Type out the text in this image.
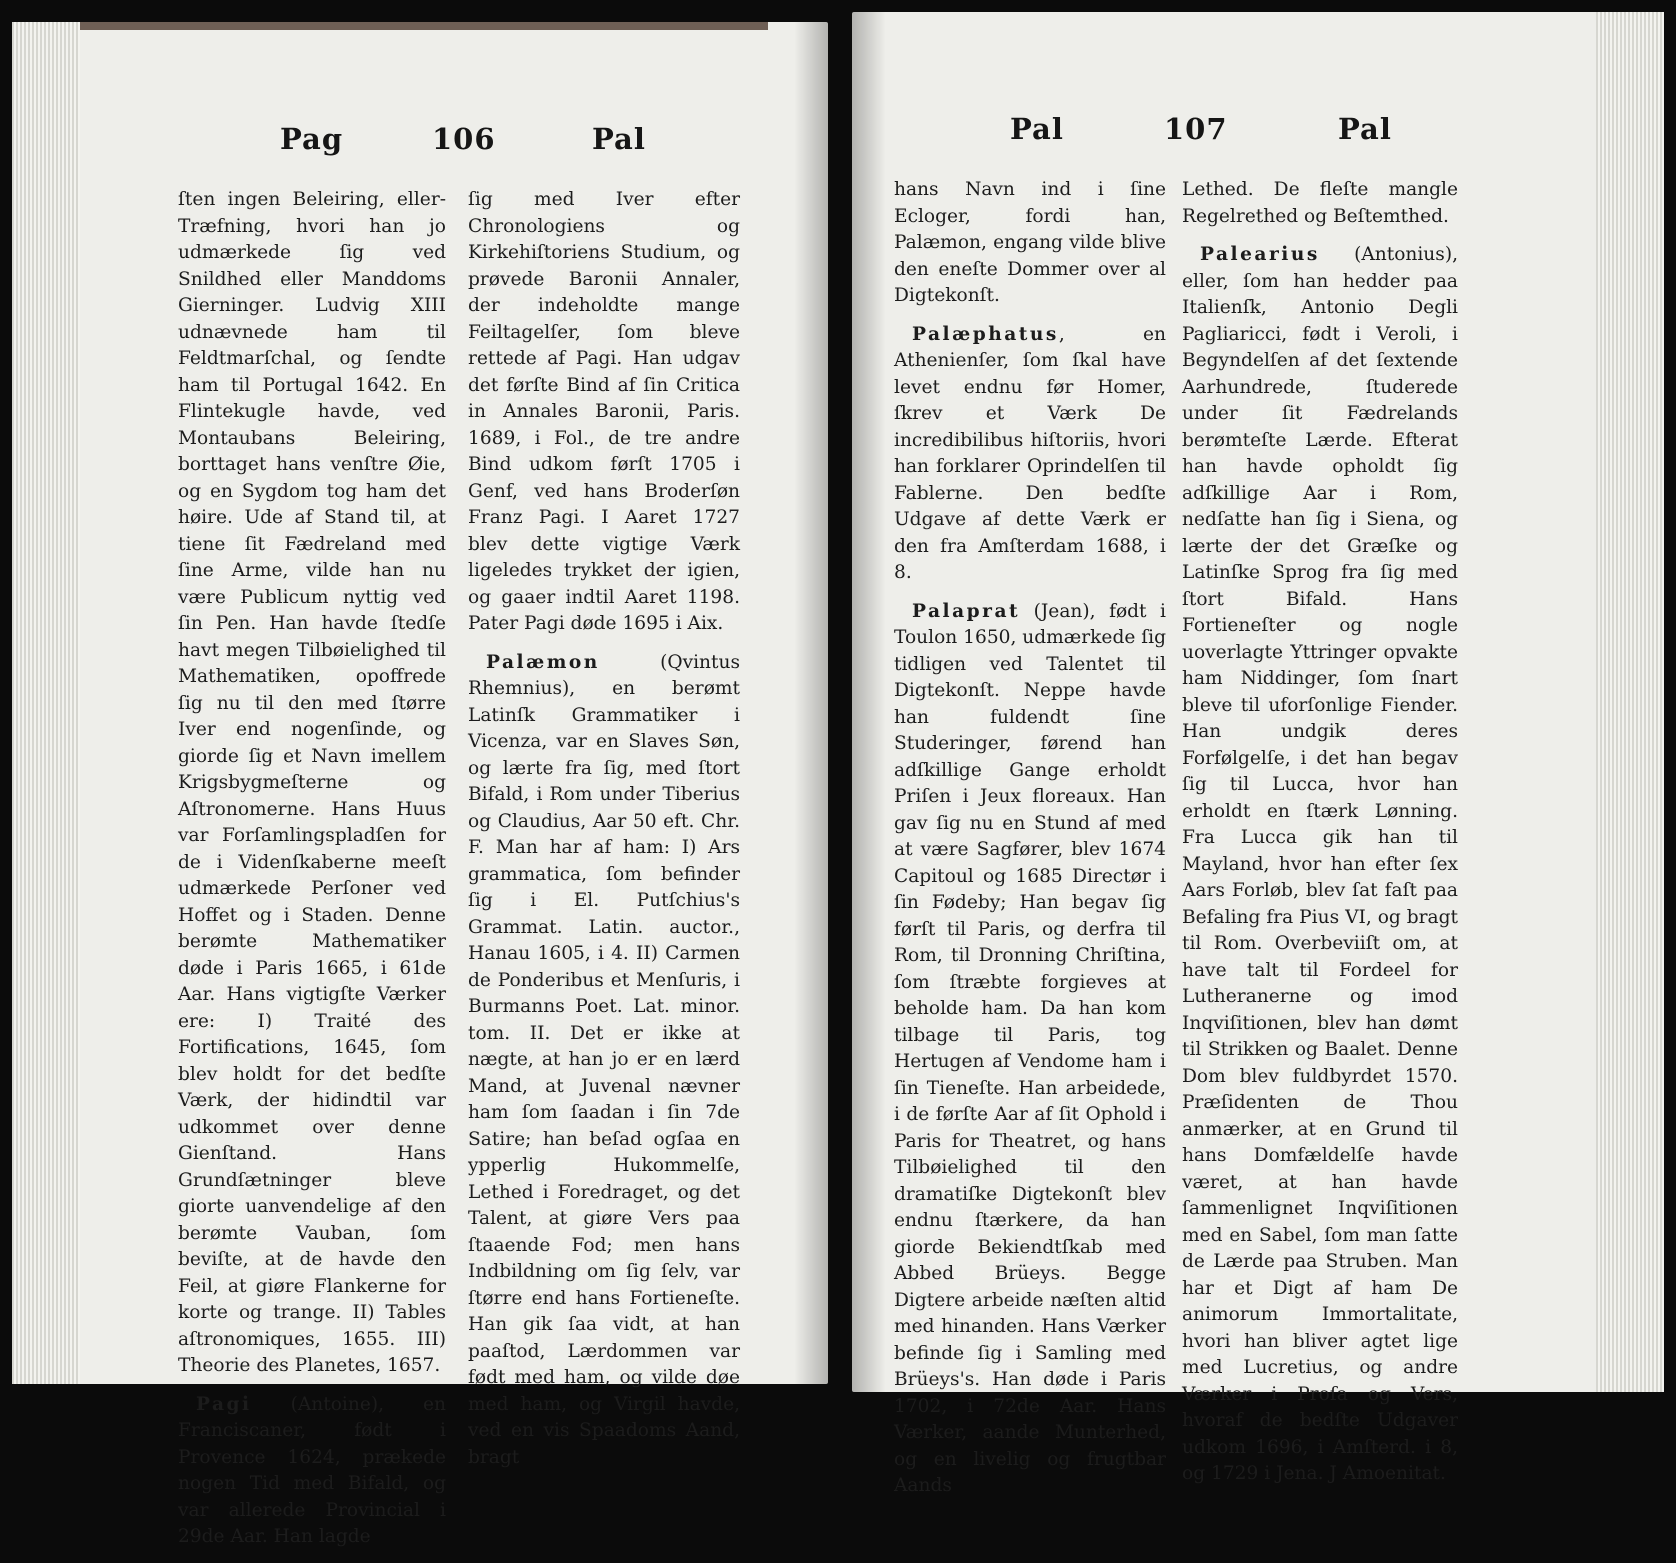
Pag	106	Pal

ſten ingen Beleiring, eller-Træfning, hvori han jo udmærkede ſig ved Snildhed eller Manddoms Gierninger. Ludvig XIII udnævnede ham til Feldtmarſchal, og ſendte ham til Portugal 1642. En Flintekugle havde, ved Montaubans Beleiring, borttaget hans venſtre Øie, og en Sygdom tog ham det høire. Ude af Stand til, at tiene ſit Fædreland med ſine Arme, vilde han nu være Publicum nyttig ved ſin Pen. Han havde ſtedſe havt megen Tilbøielighed til Mathematiken, opoffrede ſig nu til den med ſtørre Iver end nogenſinde, og giorde ſig et Navn imellem Krigsbygmeſterne og Aſtronomerne. Hans Huus var Forſamlingspladſen for de i Videnſkaberne meeſt udmærkede Perſoner ved Hoffet og i Staden. Denne berømte Mathematiker døde i Paris 1665, i 61de Aar. Hans vigtigſte Værker ere: I) Traité des Fortifications, 1645, ſom blev holdt for det bedſte Værk, der hidindtil var udkommet over denne Gienſtand. Hans Grundſætninger bleve giorte uanvendelige af den berømte Vauban, ſom beviſte, at de havde den Feil, at giøre Flankerne for korte og trange. II) Tables aſtronomiques, 1655. III) Theorie des Planetes, 1657.

Pagi (Antoine), en Franciscaner, født i Provence 1624, prækede nogen Tid med Bifald, og var allerede Provincial i 29de Aar. Han lagde

ſig med Iver efter Chronologiens og Kirkehiſtoriens Studium, og prøvede Baronii Annaler, der indeholdte mange Feiltagelſer, ſom bleve rettede af Pagi. Han udgav det førſte Bind af ſin Critica in Annales Baronii, Paris. 1689, i Fol., de tre andre Bind udkom førſt 1705 i Genf, ved hans Broderſøn Franz Pagi. I Aaret 1727 blev dette vigtige Værk ligeledes trykket der igien, og gaaer indtil Aaret 1198. Pater Pagi døde 1695 i Aix.

Palæmon (Qvintus Rhemnius), en berømt Latinſk Grammatiker i Vicenza, var en Slaves Søn, og lærte fra ſig, med ſtort Bifald, i Rom under Tiberius og Claudius, Aar 50 eft. Chr. F. Man har af ham: I) Ars grammatica, ſom befinder ſig i El. Putſchius's Grammat. Latin. auctor., Hanau 1605, i 4. II) Carmen de Ponderibus et Menſuris, i Burmanns Poet. Lat. minor. tom. II. Det er ikke at nægte, at han jo er en lærd Mand, at Juvenal nævner ham ſom ſaadan i ſin 7de Satire; han beſad ogſaa en ypperlig Hukommelſe, Lethed i Foredraget, og det Talent, at giøre Vers paa ſtaaende Fod; men hans Indbildning om ſig ſelv, var ſtørre end hans Fortieneſte. Han gik ſaa vidt, at han paaſtod, Lærdommen var født med ham, og vilde døe med ham, og Virgil havde, ved en vis Spaadoms Aand, bragt

Pal	107	Pal

hans Navn ind i ſine Ecloger, fordi han, Palæmon, engang vilde blive den eneſte Dommer over al Digtekonſt.

Palæphatus, en Athenienſer, ſom ſkal have levet endnu før Homer, ſkrev et Værk De incredibilibus hiſtoriis, hvori han forklarer Oprindelſen til Fablerne. Den bedſte Udgave af dette Værk er den fra Amſterdam 1688, i 8.

Palaprat (Jean), født i Toulon 1650, udmærkede ſig tidligen ved Talentet til Digtekonſt. Neppe havde han fuldendt ſine Studeringer, førend han adſkillige Gange erholdt Priſen i Jeux floreaux. Han gav ſig nu en Stund af med at være Sagfører, blev 1674 Capitoul og 1685 Directør i ſin Fødeby; Han begav ſig førſt til Paris, og derfra til Rom, til Dronning Chriſtina, ſom ſtræbte forgieves at beholde ham. Da han kom tilbage til Paris, tog Hertugen af Vendome ham i ſin Tieneſte. Han arbeidede, i de førſte Aar af ſit Ophold i Paris for Theatret, og hans Tilbøielighed til den dramatiſke Digtekonſt blev endnu ſtærkere, da han giorde Bekiendtſkab med Abbed Brüeys. Begge Digtere arbeide næſten altid med hinanden. Hans Værker befinde ſig i Samling med Brüeys's. Han døde i Paris 1702, i 72de Aar. Hans Værker, aande Munterhed, og en livelig og frugtbar Aands

Lethed. De fleſte mangle Regelrethed og Beſtemthed.

Palearius (Antonius), eller, ſom han hedder paa Italienſk, Antonio Degli Pagliaricci, født i Veroli, i Begyndelſen af det ſextende Aarhundrede, ſtuderede under ſit Fædrelands berømteſte Lærde. Efterat han havde opholdt ſig adſkillige Aar i Rom, nedſatte han ſig i Siena, og lærte der det Græſke og Latinſke Sprog fra ſig med ſtort Bifald. Hans Fortieneſter og nogle uoverlagte Yttringer opvakte ham Niddinger, ſom ſnart bleve til uforſonlige Fiender. Han undgik deres Forfølgelſe, i det han begav ſig til Lucca, hvor han erholdt en ſtærk Lønning. Fra Lucca gik han til Mayland, hvor han efter ſex Aars Forløb, blev ſat faſt paa Befaling fra Pius VI, og bragt til Rom. Overbeviiſt om, at have talt til Fordeel for Lutheranerne og imod Inqviſitionen, blev han dømt til Strikken og Baalet. Denne Dom blev fuldbyrdet 1570. Præſidenten de Thou anmærker, at en Grund til hans Domfældelſe havde været, at han havde ſammenlignet Inqviſitionen med en Sabel, ſom man ſatte de Lærde paa Struben. Man har et Digt af ham De animorum Immortalitate, hvori han bliver agtet lige med Lucretius, og andre Værker i Proſa og Vers, hvoraf de bedſte Udgaver udkom 1696, i Amſterd. i 8, og 1729 i Jena. J Amoenitat.
